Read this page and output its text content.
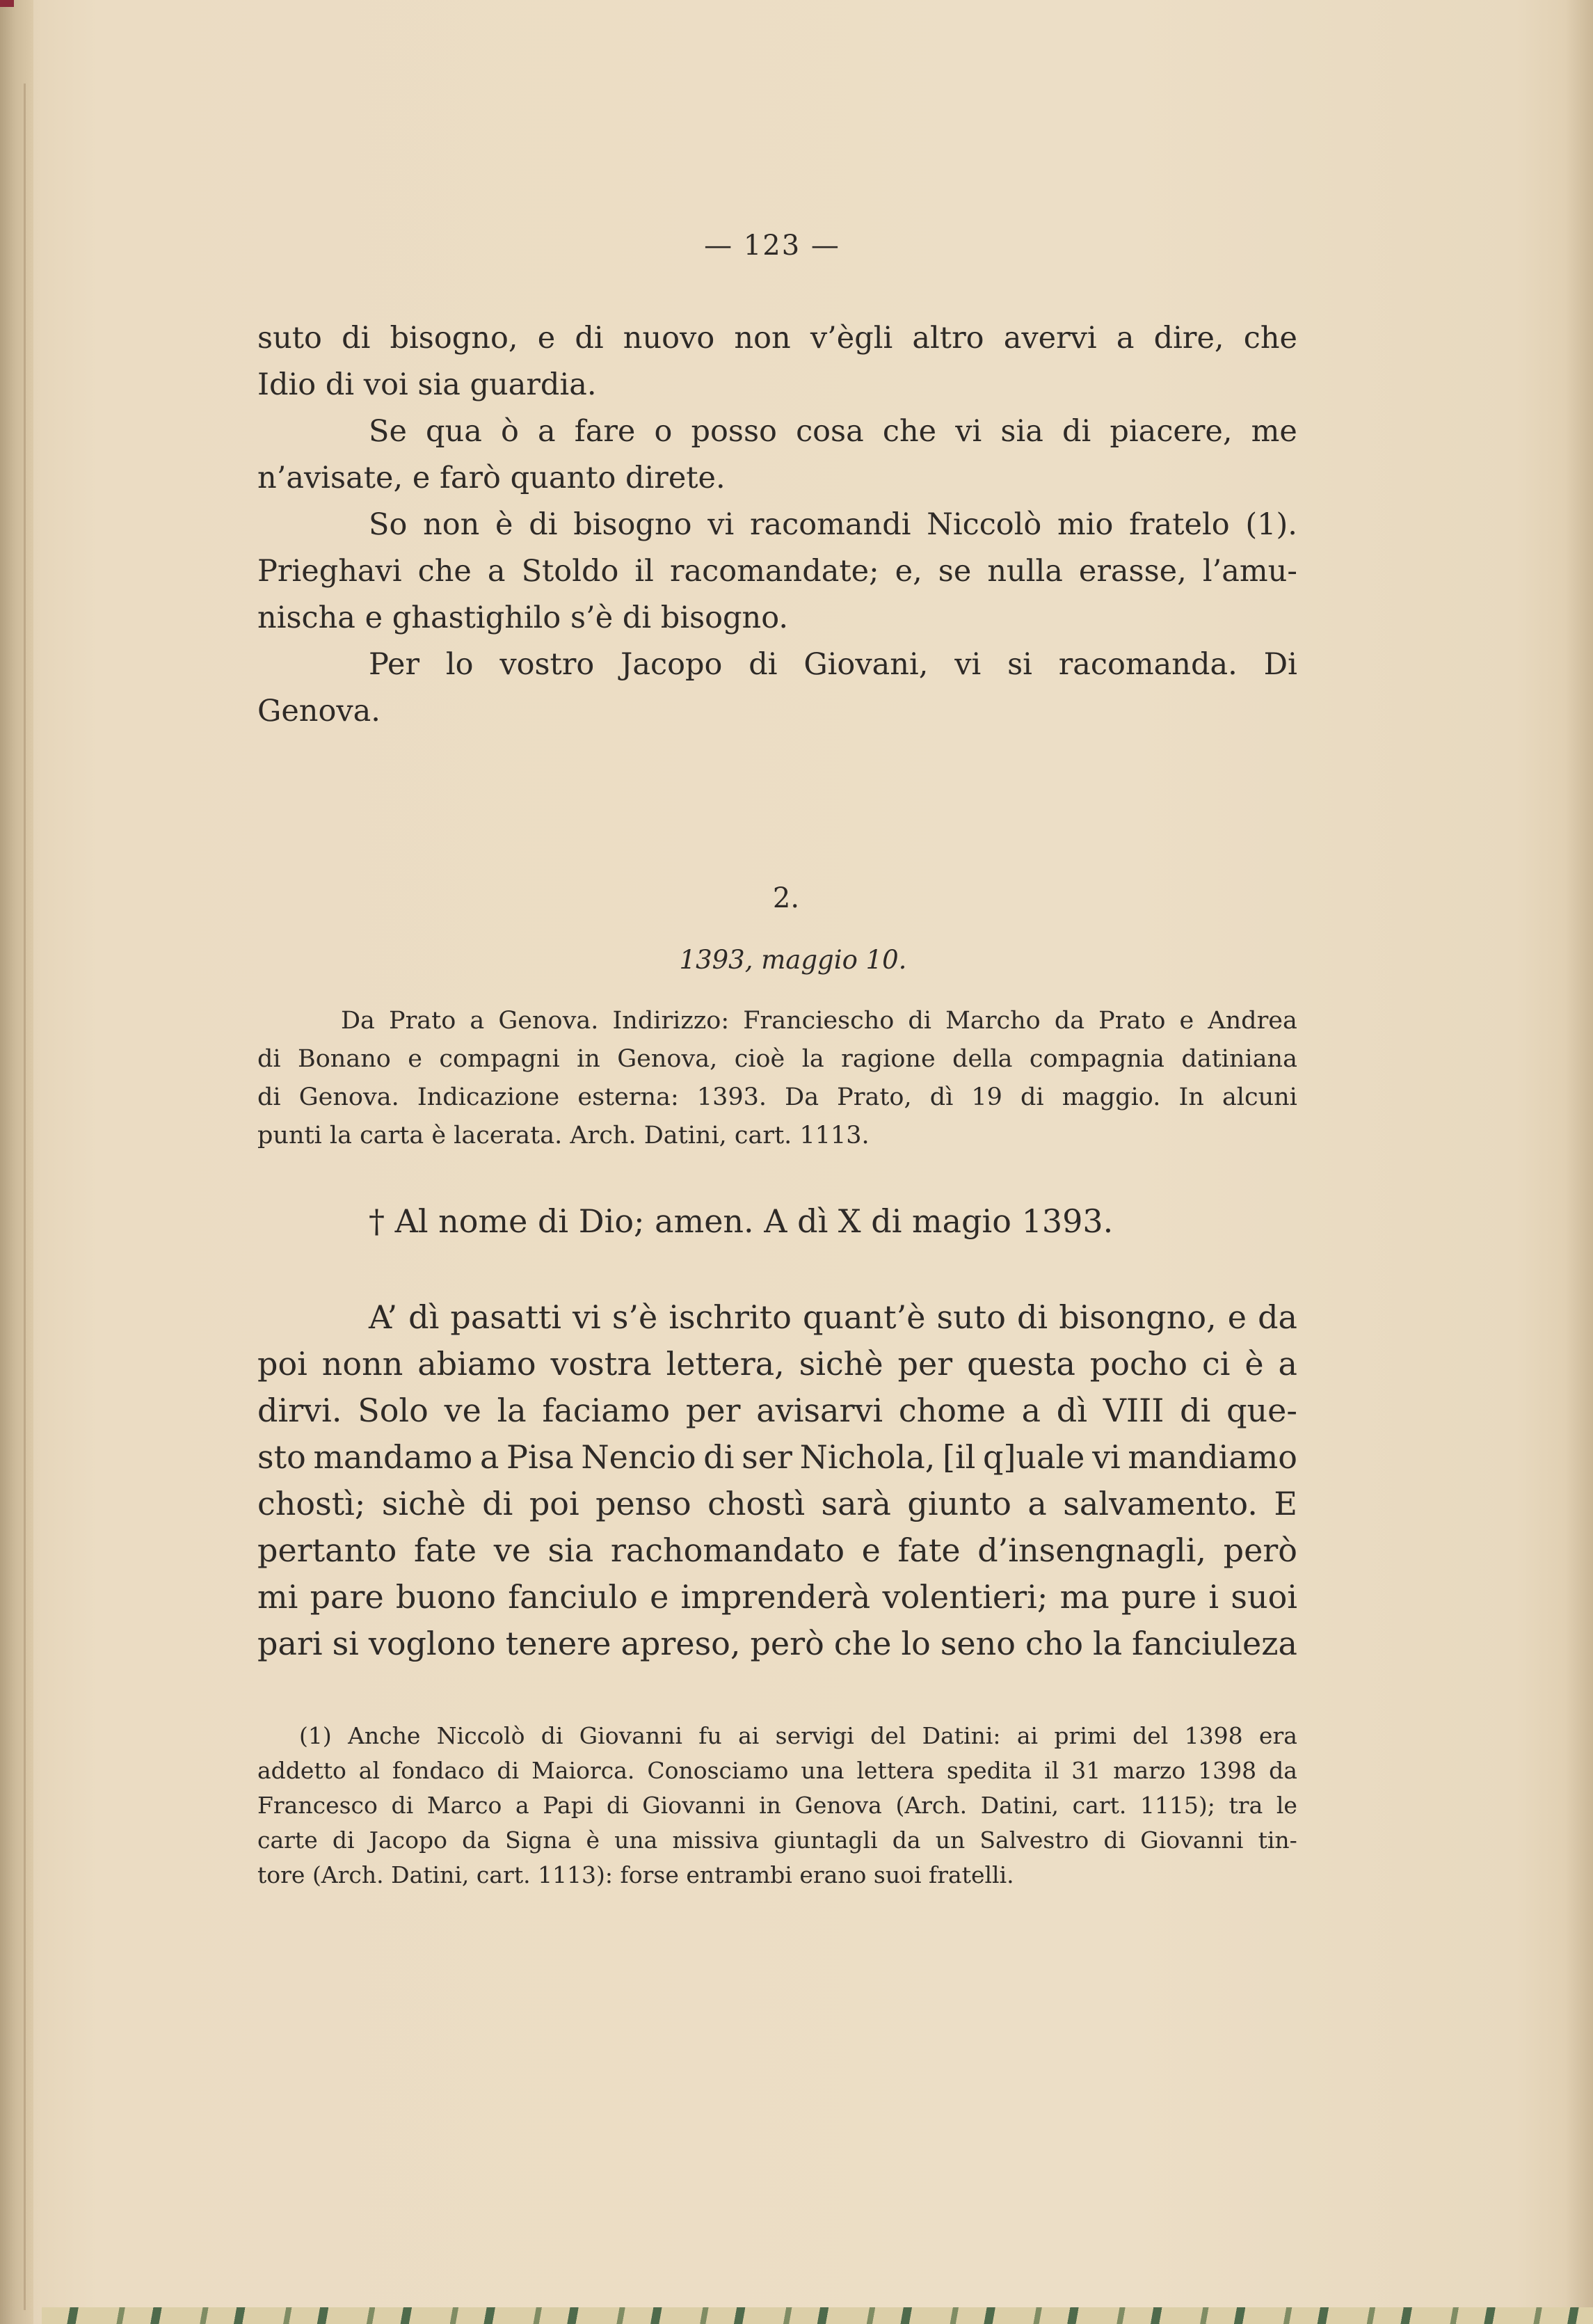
— 123 —
suto di bisogno, e di nuovo non v’ègli altro avervi a dire, che
Idio di voi sia guardia.
Se qua ò a fare o posso cosa che vi sia di piacere, me
n’avisate, e farò quanto direte.
So non è di bisogno vi racomandi Niccolò mio fratelo (1).
Prieghavi che a Stoldo il racomandate; e, se nulla erasse, l’amu-
nischa e ghastighilo s’è di bisogno.
Per lo vostro Jacopo di Giovani, vi si racomanda. Di
Genova.
2.
1393, maggio 10.
Da Prato a Genova. Indirizzo: Franciescho di Marcho da Prato e Andrea
di Bonano e compagni in Genova, cioè la ragione della compagnia datiniana
di Genova. Indicazione esterna: 1393. Da Prato, dì 19 di maggio. In alcuni
punti la carta è lacerata. Arch. Datini, cart. 1113.
† Al nome di Dio; amen. A dì X di magio 1393.
A’ dì pasatti vi s’è ischrito quant’è suto di bisongno, e da
poi nonn abiamo vostra lettera, sichè per questa pocho ci è a
dirvi. Solo ve la faciamo per avisarvi chome a dì VIII di que-
sto mandamo a Pisa Nencio di ser Nichola, [il q]uale vi mandiamo
chostì; sichè di poi penso chostì sarà giunto a salvamento. E
pertanto fate ve sia rachomandato e fate d’insengnagli, però
mi pare buono fanciulo e imprenderà volentieri; ma pure i suoi
pari si voglono tenere apreso, però che lo seno cho la fanciuleza
(1) Anche Niccolò di Giovanni fu ai servigi del Datini: ai primi del 1398 era
addetto al fondaco di Maiorca. Conosciamo una lettera spedita il 31 marzo 1398 da
Francesco di Marco a Papi di Giovanni in Genova (Arch. Datini, cart. 1115); tra le
carte di Jacopo da Signa è una missiva giuntagli da un Salvestro di Giovanni tin-
tore (Arch. Datini, cart. 1113): forse entrambi erano suoi fratelli.
